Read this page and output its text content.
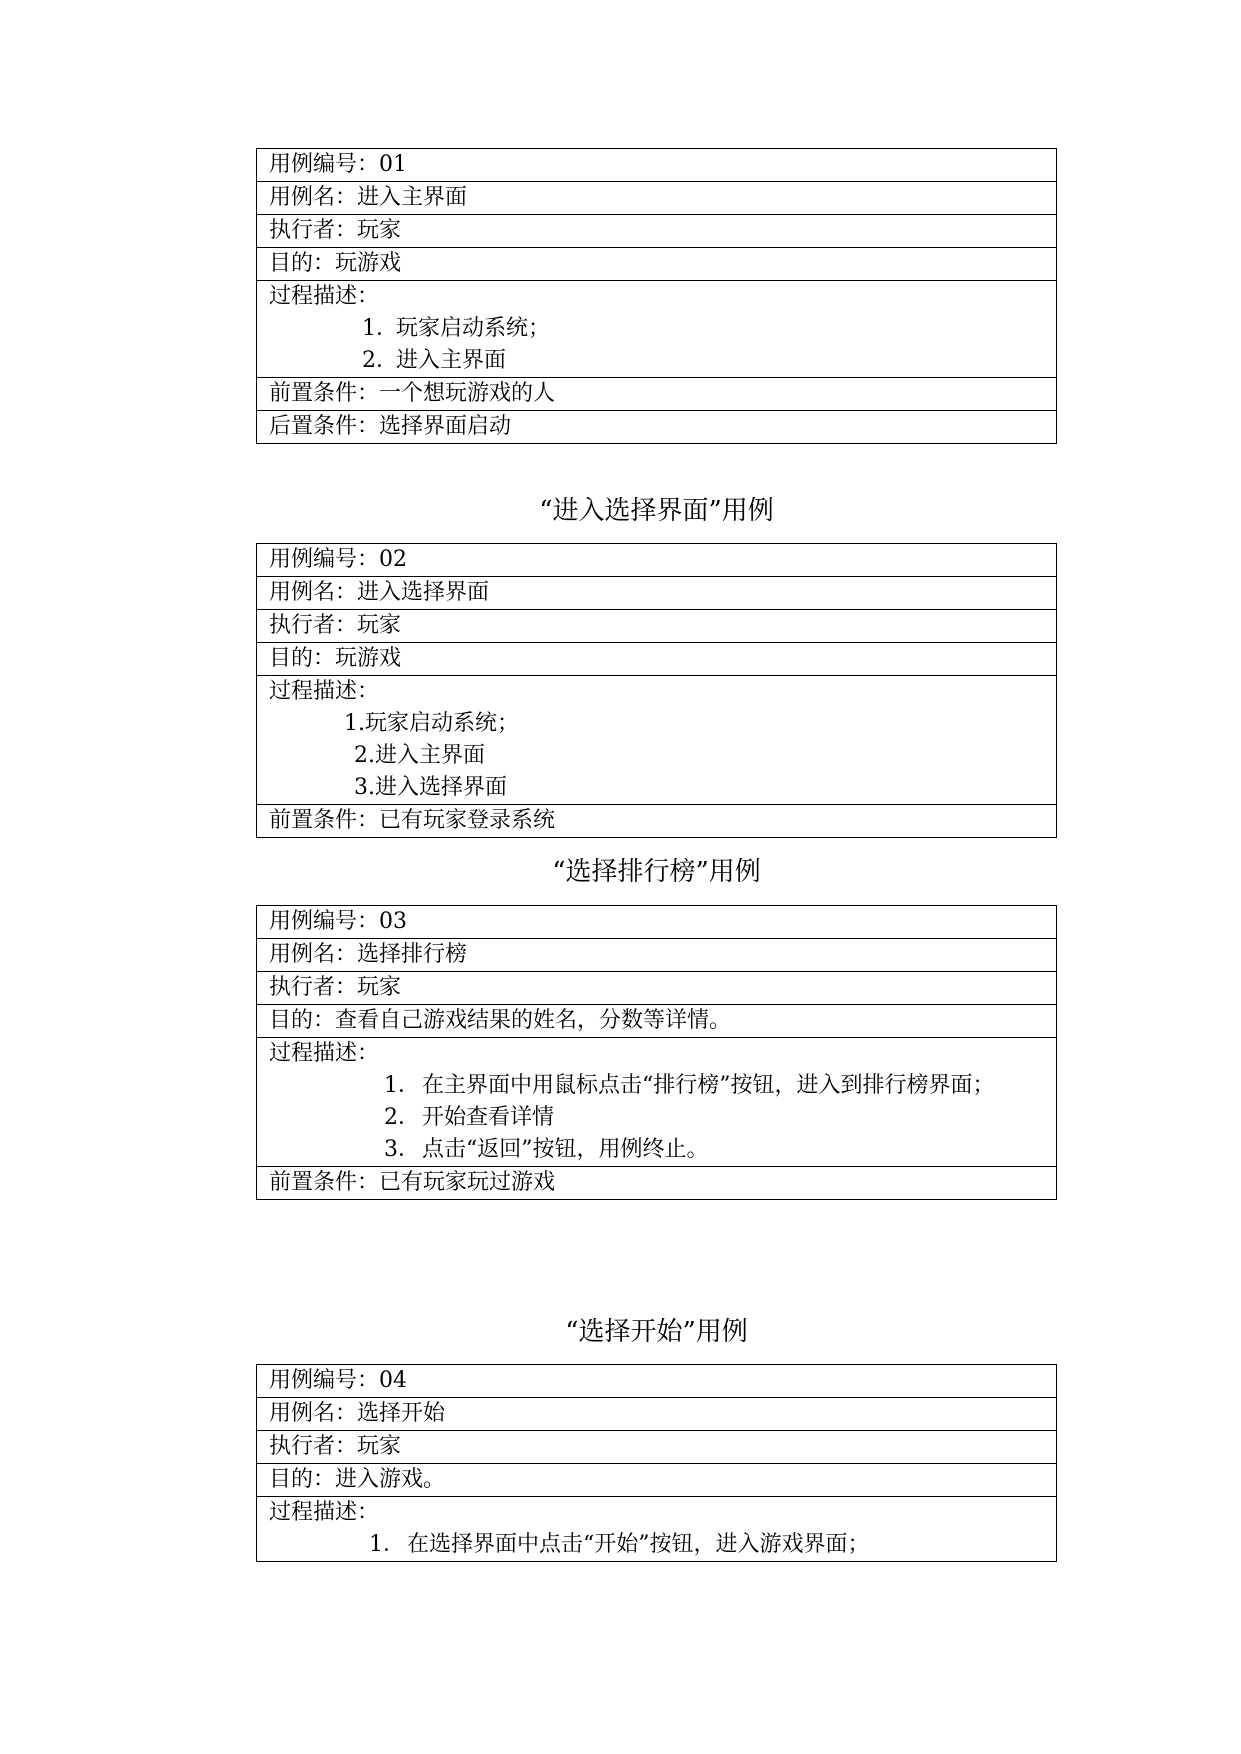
用例编号：01
用例名：进入主界面
执行者：玩家
目的：玩游戏

过程描述：
1．
玩家启动系统；
2．
进入主界面

前置条件：一个想玩游戏的人
后置条件：选择界面启动
“进入选择界面”用例
用例编号：02
用例名：进入选择界面
执行者：玩家
目的：玩游戏

过程描述：
1. 玩家启动系统；
2. 进入主界面
3. 进入选择界面

前置条件：已有玩家登录系统
“选择排行榜”用例
用例编号：03
用例名：选择排行榜
执行者：玩家
目的：查看自己游戏结果的姓名，分数等详情。

过程描述：
1． 在主界面中用鼠标点击“排行榜”按钮，进入到排行榜界面；
2． 开始查看详情
3． 点击“返回”按钮，用例终止。

前置条件：已有玩家玩过游戏
“选择开始”用例
用例编号：04
用例名：选择开始
执行者：玩家
目的：进入游戏。

过程描述：
1． 在选择界面中点击“开始”按钮，进入游戏界面；
